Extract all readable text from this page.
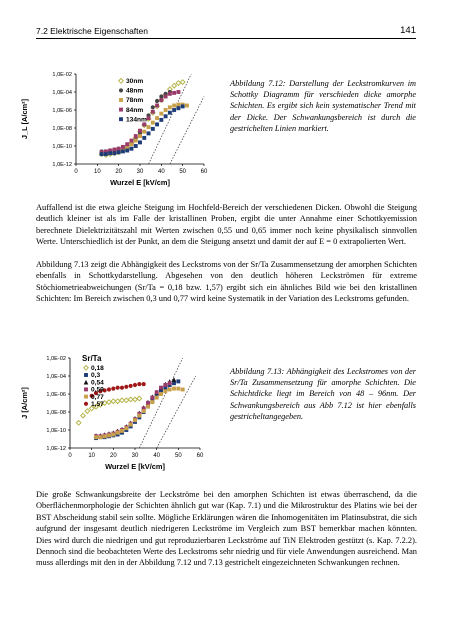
7.2 Elektrische Eigenschaften	141
1,0E-02
1,0E-04
1,0E-06
1,0E-08
1,0E-10
1,0E-12
0	10 20 30 40 50 60
Wurzel E [kV/cm]
J_L [A/cm²]
30nm
48nm
78nm
84nm
134nm
Abbildung 7.12: Darstellung der Leckstromkurven im Schottky Diagramm für verschieden dicke amorphe Schichten. Es ergibt sich kein systematischer Trend mit der Dicke. Der Schwankungsbereich ist durch die gestrichelten Linien markiert.

Auffallend ist die etwa gleiche Steigung im Hochfeld-Bereich der verschiedenen Dicken. Obwohl die Steigung deutlich kleiner ist als im Falle der kristallinen Proben, ergibt die unter Annahme einer Schottkyemission berechnete Dielektrizitätszahl mit Werten zwischen 0,55 und 0,65 immer noch keine physikalisch sinnvollen Werte. Unterschiedlich ist der Punkt, an dem die Steigung ansetzt und damit der auf E = 0 extrapolierten Wert.

Abbildung 7.13 zeigt die Abhängigkeit des Leckstroms von der Sr/Ta Zusammensetzung der amorphen Schichten ebenfalls in Schottkydarstellung. Abgesehen von den deutlich höheren Leckströmen für extreme Stöchiometrieabweichungen (Sr/Ta = 0,18 bzw. 1,57) ergibt sich ein ähnliches Bild wie bei den kristallinen Schichten: Im Bereich zwischen 0,3 und 0,77 wird keine Systematik in der Variation des Leckstroms gefunden.

1,0E-02
1,0E-04
1,0E-06
1,0E-08
1,0E-10
1,0E-12
0	10 20 30 40 50 60
Wurzel E [kV/cm]
J [A/cm²]
Sr/Ta
0,18
0,3
0,54
0,59
0,77
1,57
Abbildung 7.13: Abhängigkeit des Leckstromes von der Sr/Ta Zusammensetzung für amorphe Schichten. Die Schichtdicke liegt im Bereich von 48 – 96nm. Der Schwankungsbereich aus Abb 7.12 ist hier ebenfalls gestricheltangegeben.

Die große Schwankungsbreite der Leckströme bei den amorphen Schichten ist etwas überraschend, da die Oberflächenmorphologie der Schichten ähnlich gut war (Kap. 7.1) und die Mikrostruktur des Platins wie bei der BST Abscheidung stabil sein sollte. Mögliche Erklärungen wären die Inhomogenitäten im Platinsubstrat, die sich aufgrund der insgesamt deutlich niedrigeren Leckströme im Vergleich zum BST bemerkbar machen könnten. Dies wird durch die niedrigen und gut reproduzierbaren Leckströme auf TiN Elektroden gestützt (s. Kap. 7.2.2). Dennoch sind die beobachteten Werte des Leckstroms sehr niedrig und für viele Anwendungen ausreichend. Man muss allerdings mit den in der Abbildung 7.12 und 7.13 gestrichelt eingezeichneten Schwankungen rechnen.
